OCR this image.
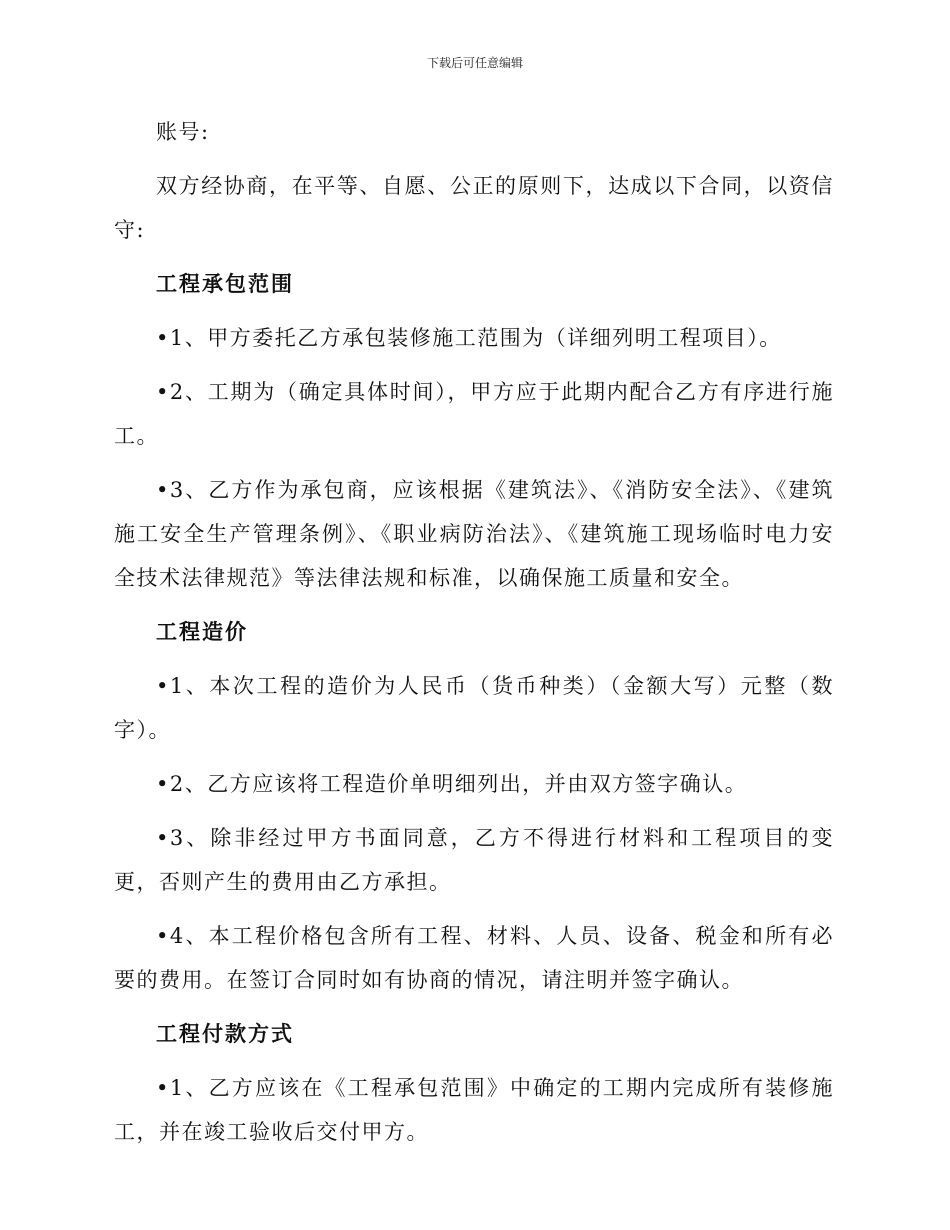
下载后可任意编辑

账号:

双方经协商，在平等、自愿、公正的原则下，达成以下合同，以资信守:

工程承包范围

•1、甲方委托乙方承包装修施工范围为（详细列明工程项目）。

•2、工期为（确定具体时间），甲方应于此期内配合乙方有序进行施工。

•3、乙方作为承包商，应该根据《建筑法》、《消防安全法》、《建筑施工安全生产管理条例》、《职业病防治法》、《建筑施工现场临时电力安全技术法律规范》等法律法规和标准，以确保施工质量和安全。

工程造价

•1、本次工程的造价为人民币（货币种类）（金额大写）元整（数字）。

•2、乙方应该将工程造价单明细列出，并由双方签字确认。

•3、除非经过甲方书面同意，乙方不得进行材料和工程项目的变更，否则产生的费用由乙方承担。

•4、本工程价格包含所有工程、材料、人员、设备、税金和所有必要的费用。在签订合同时如有协商的情况，请注明并签字确认。

工程付款方式

•1、乙方应该在《工程承包范围》中确定的工期内完成所有装修施工，并在竣工验收后交付甲方。
